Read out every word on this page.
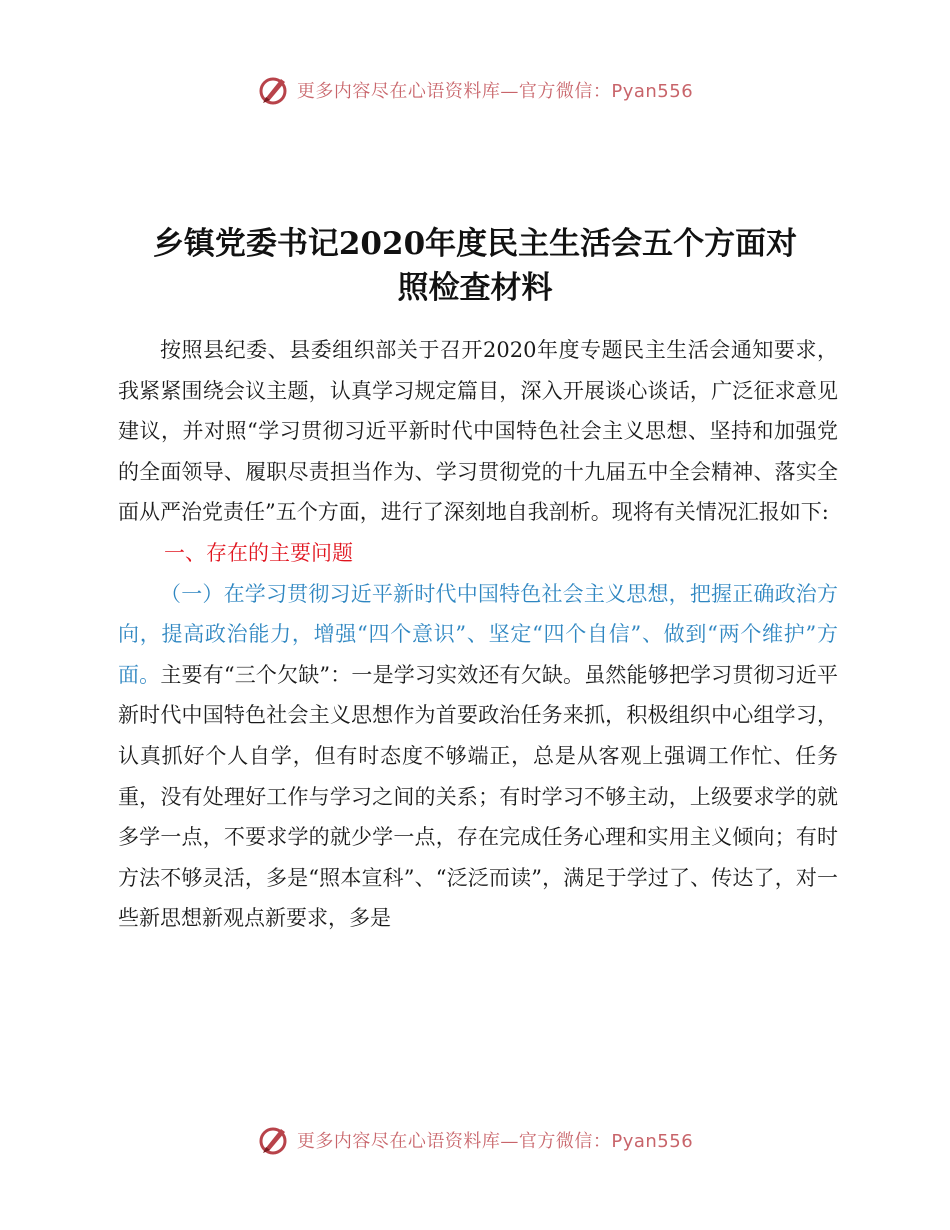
更多内容尽在心语资料库—官方微信：Pyan556
乡镇党委书记2020年度民主生活会五个方面对
照检查材料

按照县纪委、县委组织部关于召开2020年度专题民主生活会通知要求，我紧紧围绕会议主题，认真学习规定篇目，深入开展谈心谈话，广泛征求意见建议，并对照“学习贯彻习近平新时代中国特色社会主义思想、坚持和加强党的全面领导、履职尽责担当作为、学习贯彻党的十九届五中全会精神、落实全面从严治党责任”五个方面，进行了深刻地自我剖析。现将有关情况汇报如下:

一、存在的主要问题

（一）在学习贯彻习近平新时代中国特色社会主义思想，把握正确政治方向，提高政治能力，增强“四个意识”、坚定“四个自信”、做到“两个维护”方面。主要有“三个欠缺”：一是学习实效还有欠缺。虽然能够把学习贯彻习近平新时代中国特色社会主义思想作为首要政治任务来抓，积极组织中心组学习，认真抓好个人自学，但有时态度不够端正，总是从客观上强调工作忙、任务重，没有处理好工作与学习之间的关系；有时学习不够主动，上级要求学的就多学一点，不要求学的就少学一点，存在完成任务心理和实用主义倾向；有时方法不够灵活，多是“照本宣科”、“泛泛而读”，满足于学过了、传达了，对一些新思想新观点新要求，多是

更多内容尽在心语资料库—官方微信：Pyan556
